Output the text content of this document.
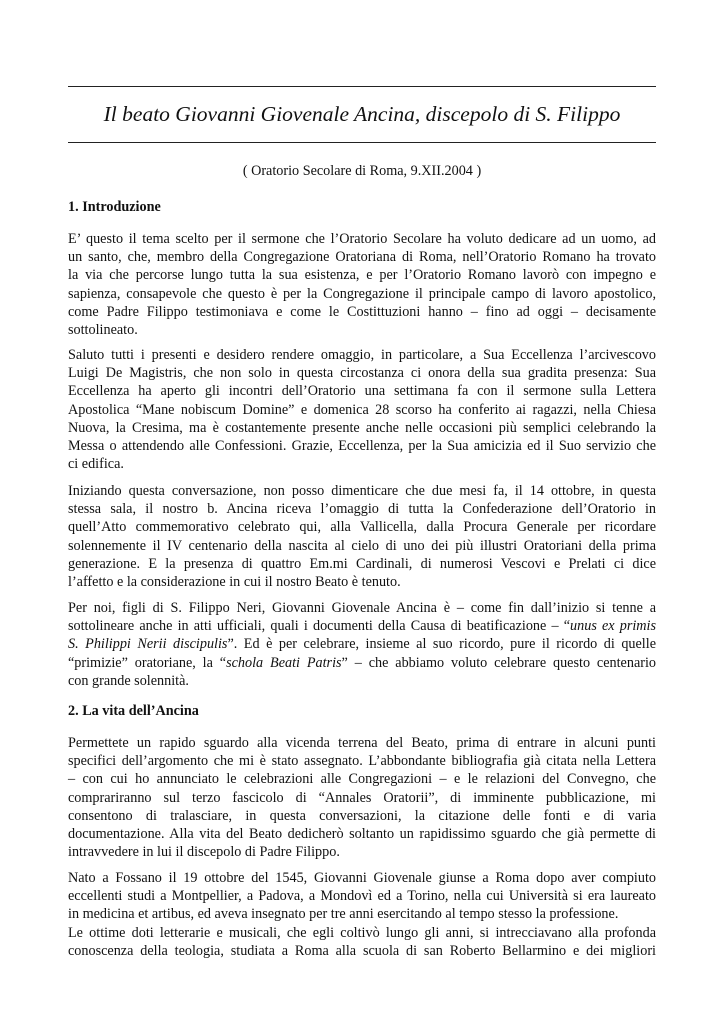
Il beato Giovanni Giovenale Ancina, discepolo di S. Filippo
( Oratorio Secolare di Roma, 9.XII.2004 )
1. Introduzione
E’ questo il tema scelto per il sermone che l’Oratorio Secolare ha voluto dedicare ad un uomo, ad
un santo, che, membro della Congregazione Oratoriana di Roma, nell’Oratorio Romano ha trovato
la via che percorse lungo tutta la sua esistenza, e per l’Oratorio Romano lavorò con impegno e
sapienza, consapevole che questo è per la Congregazione il principale campo di lavoro apostolico,
come Padre Filippo testimoniava e come le Costittuzioni hanno – fino ad oggi – decisamente
sottolineato.
Saluto tutti i presenti e desidero rendere omaggio, in particolare, a Sua Eccellenza l’arcivescovo
Luigi De Magistris, che non solo in questa circostanza ci onora della sua gradita presenza: Sua
Eccellenza ha aperto gli incontri dell’Oratorio una settimana fa con il sermone sulla Lettera
Apostolica “Mane nobiscum Domine” e domenica 28 scorso ha conferito ai ragazzi, nella Chiesa
Nuova, la Cresima, ma è costantemente presente anche nelle occasioni più semplici celebrando la
Messa o attendendo alle Confessioni. Grazie, Eccellenza, per la Sua amicizia ed il Suo servizio che
ci edifica.
Iniziando questa conversazione, non posso dimenticare che due mesi fa, il 14 ottobre, in questa
stessa sala, il nostro b. Ancina riceva l’omaggio di tutta la Confederazione dell’Oratorio in
quell’Atto commemorativo celebrato qui, alla Vallicella, dalla Procura Generale per ricordare
solennemente il IV centenario della nascita al cielo di uno dei più illustri Oratoriani della prima
generazione. E la presenza di quattro Em.mi Cardinali, di numerosi Vescovi e Prelati ci dice
l’affetto e la considerazione in cui il nostro Beato è tenuto.
Per noi, figli di S. Filippo Neri, Giovanni Giovenale Ancina è – come fin dall’inizio si tenne a
sottolineare anche in atti ufficiali, quali i documenti della Causa di beatificazione – “unus ex primis
S. Philippi Nerii discipulis”. Ed è per celebrare, insieme al suo ricordo, pure il ricordo di quelle
“primizie” oratoriane, la “schola Beati Patris” – che abbiamo voluto celebrare questo centenario
con grande solennità.
2. La vita dell’Ancina
Permettete un rapido sguardo alla vicenda terrena del Beato, prima di entrare in alcuni punti
specifici dell’argomento che mi è stato assegnato. L’abbondante bibliografia già citata nella Lettera
– con cui ho annunciato le celebrazioni alle Congregazioni – e le relazioni del Convegno, che
comprariranno sul terzo fascicolo di “Annales Oratorii”, di imminente pubblicazione, mi
consentono di tralasciare, in questa conversazioni, la citazione delle fonti e di varia
documentazione. Alla vita del Beato dedicherò soltanto un rapidissimo sguardo che già permette di
intravvedere in lui il discepolo di Padre Filippo.
Nato a Fossano il 19 ottobre del 1545, Giovanni Giovenale giunse a Roma dopo aver compiuto
eccellenti studi a Montpellier, a Padova, a Mondovì ed a Torino, nella cui Università si era laureato
in medicina et artibus, ed aveva insegnato per tre anni esercitando al tempo stesso la professione.
Le ottime doti letterarie e musicali, che egli coltivò lungo gli anni, si intrecciavano alla profonda
conoscenza della teologia, studiata a Roma alla scuola di san Roberto Bellarmino e dei migliori
